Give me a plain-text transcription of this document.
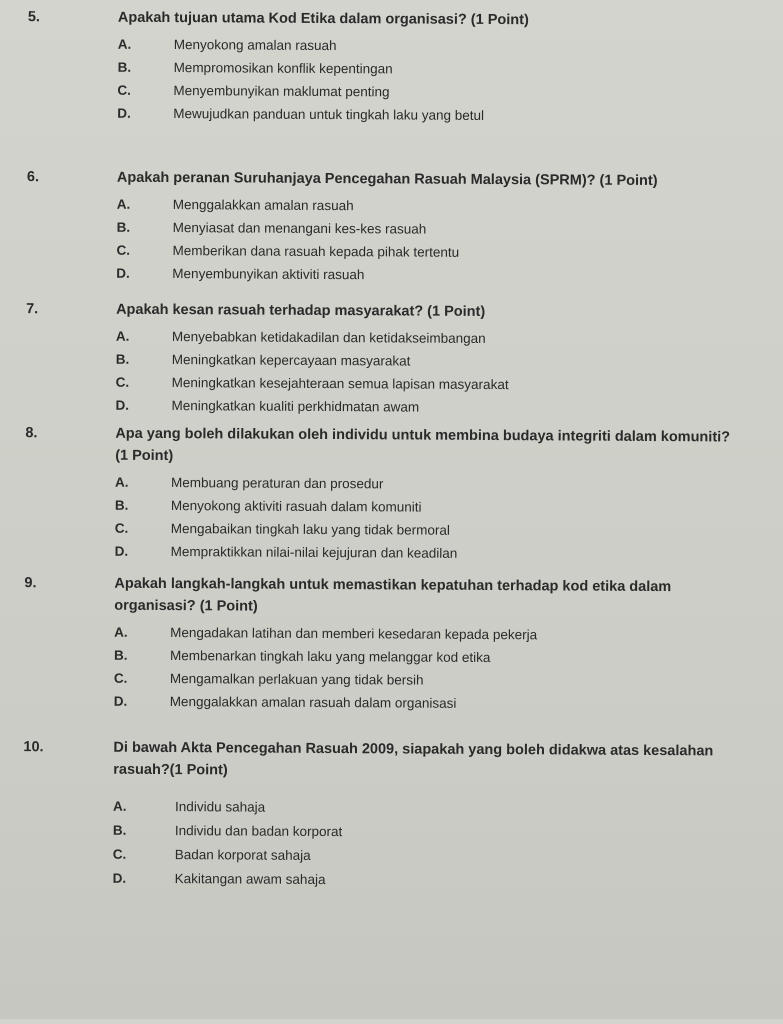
5.	Apakah tujuan utama Kod Etika dalam organisasi? (1 Point)
A.	Menyokong amalan rasuah
B.	Mempromosikan konflik kepentingan
C.	Menyembunyikan maklumat penting
D.	Mewujudkan panduan untuk tingkah laku yang betul
6.	Apakah peranan Suruhanjaya Pencegahan Rasuah Malaysia (SPRM)? (1 Point)
A.	Menggalakkan amalan rasuah
B.	Menyiasat dan menangani kes-kes rasuah
C.	Memberikan dana rasuah kepada pihak tertentu
D.	Menyembunyikan aktiviti rasuah
7.	Apakah kesan rasuah terhadap masyarakat? (1 Point)
A.	Menyebabkan ketidakadilan dan ketidakseimbangan
B.	Meningkatkan kepercayaan masyarakat
C.	Meningkatkan kesejahteraan semua lapisan masyarakat
D.	Meningkatkan kualiti perkhidmatan awam
8.	Apa yang boleh dilakukan oleh individu untuk membina budaya integriti dalam komuniti?
(1 Point)
A.	Membuang peraturan dan prosedur
B.	Menyokong aktiviti rasuah dalam komuniti
C.	Mengabaikan tingkah laku yang tidak bermoral
D.	Mempraktikkan nilai-nilai kejujuran dan keadilan
9.	Apakah langkah-langkah untuk memastikan kepatuhan terhadap kod etika dalam
organisasi? (1 Point)
A.	Mengadakan latihan dan memberi kesedaran kepada pekerja
B.	Membenarkan tingkah laku yang melanggar kod etika
C.	Mengamalkan perlakuan yang tidak bersih
D.	Menggalakkan amalan rasuah dalam organisasi
10.	Di bawah Akta Pencegahan Rasuah 2009, siapakah yang boleh didakwa atas kesalahan
rasuah?(1 Point)
A.	Individu sahaja
B.	Individu dan badan korporat
C.	Badan korporat sahaja
D.	Kakitangan awam sahaja
